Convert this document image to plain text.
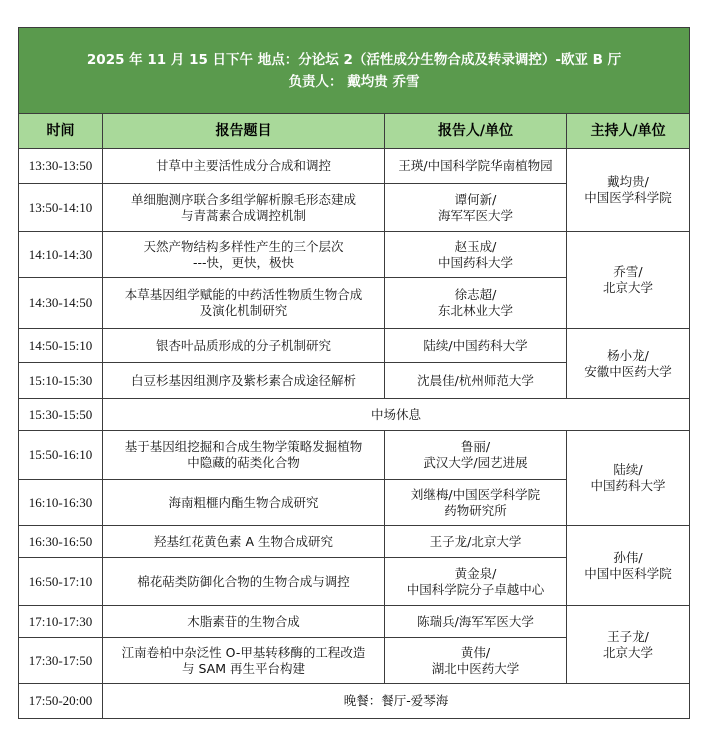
2025 年 11 月 15 日下午 地点：分论坛 2（活性成分生物合成及转录调控）-欧亚 B 厅
负责人： 戴均贵 乔雪			

时间	报告题目	报告人/单位	主持人/单位
13:30-13:50	甘草中主要活性成分合成和调控	王瑛/中国科学院华南植物园	戴均贵/
中国医学科学院

13:50-14:10	单细胞测序联合多组学解析腺毛形态建成
与青蒿素合成调控机制	谭何新/
海军军医大学	

14:10-14:30	天然产物结构多样性产生的三个层次
---快，更快，极快	赵玉成/
中国药科大学	乔雪/
北京大学

14:30-14:50	本草基因组学赋能的中药活性物质生物合成
及演化机制研究	徐志超/
东北林业大学	

14:50-15:10	银杏叶品质形成的分子机制研究	陆续/中国药科大学	杨小龙/
安徽中医药大学

15:10-15:30	白豆杉基因组测序及紫杉素合成途径解析	沈晨佳/杭州师范大学	

15:30-15:50	中场休息		
15:50-16:10	基于基因组挖掘和合成生物学策略发掘植物
中隐藏的萜类化合物	鲁丽/
武汉大学/园艺进展	陆续/
中国药科大学

16:10-16:30	海南粗榧内酯生物合成研究	刘继梅/中国医学科学院
药物研究所	

16:30-16:50	羟基红花黄色素 A 生物合成研究	王子龙/北京大学	孙伟/
中国中医科学院

16:50-17:10	棉花萜类防御化合物的生物合成与调控	黄金泉/
中国科学院分子卓越中心	

17:10-17:30	木脂素苷的生物合成	陈瑞兵/海军军医大学	王子龙/
北京大学

17:30-17:50	江南卷柏中杂泛性 O-甲基转移酶的工程改造
与 SAM 再生平台构建	黄伟/
湖北中医药大学	

17:50-20:00	晚餐：餐厅-爱琴海		
